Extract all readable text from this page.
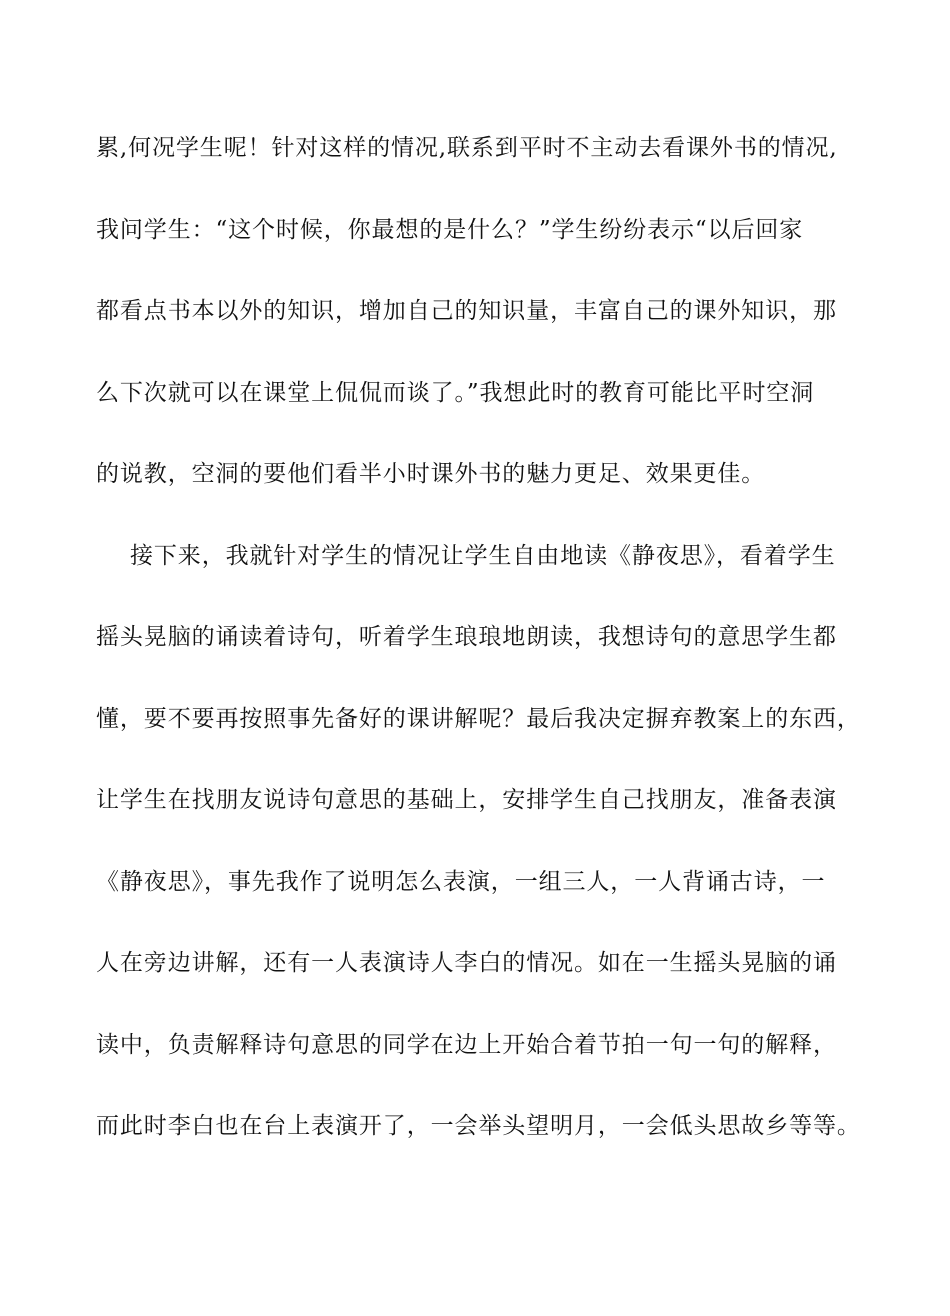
累,何况学生呢！针对这样的情况,联系到平时不主动去看课外书的情况,
我问学生：“这个时候，你最想的是什么？”学生纷纷表示“以后回家
都看点书本以外的知识，增加自己的知识量，丰富自己的课外知识，那
么下次就可以在课堂上侃侃而谈了。”我想此时的教育可能比平时空洞
的说教，空洞的要他们看半小时课外书的魅力更足、效果更佳。
接下来，我就针对学生的情况让学生自由地读《静夜思》，看着学生
摇头晃脑的诵读着诗句，听着学生琅琅地朗读，我想诗句的意思学生都
懂，要不要再按照事先备好的课讲解呢？最后我决定摒弃教案上的东西，
让学生在找朋友说诗句意思的基础上，安排学生自己找朋友，准备表演
《静夜思》，事先我作了说明怎么表演，一组三人，一人背诵古诗，一
人在旁边讲解，还有一人表演诗人李白的情况。如在一生摇头晃脑的诵
读中，负责解释诗句意思的同学在边上开始合着节拍一句一句的解释，
而此时李白也在台上表演开了，一会举头望明月，一会低头思故乡等等。
